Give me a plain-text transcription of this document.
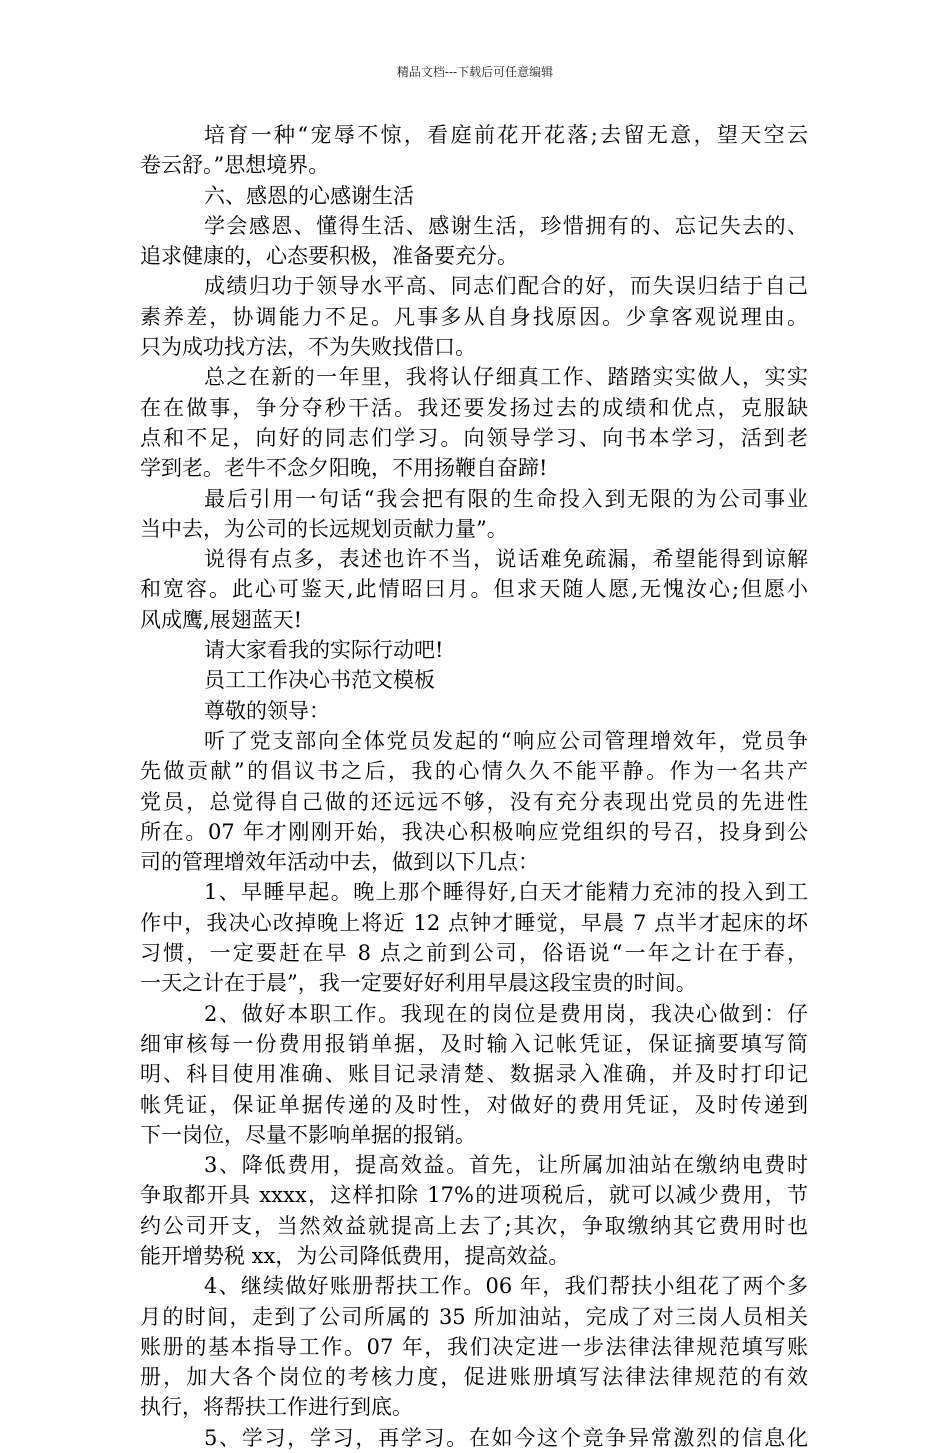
精品文档---下载后可任意编辑
培育一种“宠辱不惊，看庭前花开花落;去留无意，望天空云
卷云舒。”思想境界。
六、感恩的心感谢生活
学会感恩、懂得生活、感谢生活，珍惜拥有的、忘记失去的、
追求健康的，心态要积极，准备要充分。
成绩归功于领导水平高、同志们配合的好，而失误归结于自己
素养差，协调能力不足。凡事多从自身找原因。少拿客观说理由。
只为成功找方法，不为失败找借口。
总之在新的一年里，我将认仔细真工作、踏踏实实做人，实实
在在做事，争分夺秒干活。我还要发扬过去的成绩和优点，克服缺
点和不足，向好的同志们学习。向领导学习、向书本学习，活到老
学到老。老牛不念夕阳晚，不用扬鞭自奋蹄!
最后引用一句话“我会把有限的生命投入到无限的为公司事业
当中去，为公司的长远规划贡献力量”。
说得有点多，表述也许不当，说话难免疏漏，希望能得到谅解
和宽容。此心可鉴天,此情昭曰月。但求天随人愿,无愧汝心;但愿小
风成鹰,展翅蓝天!
请大家看我的实际行动吧!
员工工作决心书范文模板
尊敬的领导：
听了党支部向全体党员发起的“响应公司管理增效年，党员争
先做贡献”的倡议书之后，我的心情久久不能平静。作为一名共产
党员，总觉得自己做的还远远不够，没有充分表现出党员的先进性
所在。07 年才刚刚开始，我决心积极响应党组织的号召，投身到公
司的管理增效年活动中去，做到以下几点：
1、早睡早起。晚上那个睡得好,白天才能精力充沛的投入到工
作中，我决心改掉晚上将近 12 点钟才睡觉，早晨 7 点半才起床的坏
习惯，一定要赶在早 8 点之前到公司，俗语说“一年之计在于春，
一天之计在于晨”，我一定要好好利用早晨这段宝贵的时间。
2、做好本职工作。我现在的岗位是费用岗，我决心做到：仔
细审核每一份费用报销单据，及时输入记帐凭证，保证摘要填写简
明、科目使用准确、账目记录清楚、数据录入准确，并及时打印记
帐凭证，保证单据传递的及时性，对做好的费用凭证，及时传递到
下一岗位，尽量不影响单据的报销。
3、降低费用，提高效益。首先，让所属加油站在缴纳电费时
争取都开具 xxxx，这样扣除 17%的进项税后，就可以减少费用，节
约公司开支，当然效益就提高上去了;其次，争取缴纳其它费用时也
能开增势税 xx，为公司降低费用，提高效益。
4、继续做好账册帮扶工作。06 年，我们帮扶小组花了两个多
月的时间，走到了公司所属的 35 所加油站，完成了对三岗人员相关
账册的基本指导工作。07 年，我们决定进一步法律法律规范填写账
册，加大各个岗位的考核力度，促进账册填写法律法律规范的有效
执行，将帮扶工作进行到底。
5、学习，学习，再学习。在如今这个竞争异常激烈的信息化
